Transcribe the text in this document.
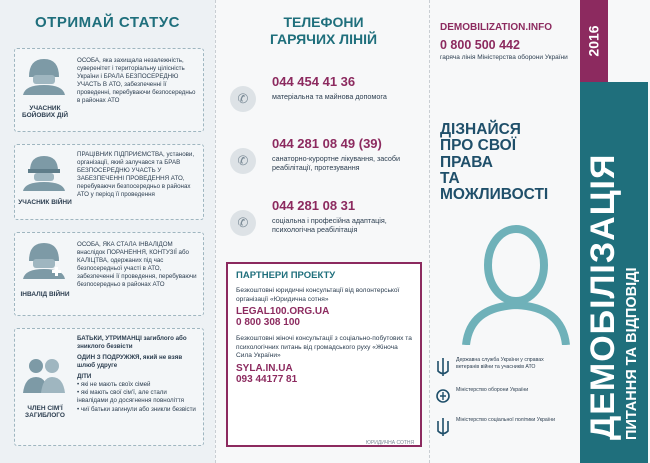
ОТРИМАЙ СТАТУС
УЧАСНИК БОЙОВИХ ДІЙ
ОСОБА, яка захищала незалежність, суверенітет і територіальну цілісність України і БРАЛА БЕЗПОСЕРЕДНЮ УЧАСТЬ В АТО, забезпеченні її проведенні, перебуваючи безпосередньо в районах АТО
УЧАСНИК ВІЙНИ
ПРАЦІВНИК ПІДПРИЄМСТВА, установи, організації, який залучався та БРАВ БЕЗПОСЕРЕДНЮ УЧАСТЬ У ЗАБЕЗПЕЧЕННІ ПРОВЕДЕННЯ АТО, перебуваючи безпосередньо в районах АТО у період її проведення
ІНВАЛІД ВІЙНИ
ОСОБА, ЯКА СТАЛА ІНВАЛІДОМ внаслідок ПОРАНЕННЯ, КОНТУЗІЇ або КАЛІЦТВА, одержаних під час безпосередньої участі в АТО, забезпеченні її проведення, перебуваючи безпосередньо в районах АТО
ЧЛЕН СІМ'Ї ЗАГИБЛОГО
БАТЬКИ, УТРИМАНЦІ загиблого або зниклого безвісти
ОДИН З ПОДРУЖЖЯ, який не взяв шлюб удруге
ДІТИ
• які не мають своїх сімей
• які мають свої сім'ї, але стали інвалідами до досягнення повноліття
• чиї батьки загинули або зникли безвісти
ТЕЛЕФОНИ ГАРЯЧИХ ЛІНІЙ
✆
044 454 41 36
матеріальна та майнова допомога
✆
044 281 08 49 (39)
санаторно-курортне лікування, засоби реабілітації, протезування
✆
044 281 08 31
соціальна і професійна адаптація, психологічна реабілітація
ПАРТНЕРИ ПРОЕКТУ
Безкоштовні юридичні консультації від волонтерської організації «Юридична сотня»
LEGAL100.ORG.UA
0 800 308 100
Безкоштовні жіночі консультації з соціально-побутових та психологічних питань від громадського руху «Жіноча Сила України»
SYLA.IN.UA
093 44177 81
DEMOBILIZATION.INFO
0 800 500 442
гаряча лінія Міністерства оборони України
ДІЗНАЙСЯ
ПРО СВОЇ
ПРАВА
ТА
МОЖЛИВОСТІ
Державна служба України у справах ветеранів війни та учасників АТО
Міністерство оборони України
Міністерство соціальної політики України
2016
ДЕМОБІЛІЗАЦІЯ ПИТАННЯ ТА ВІДПОВІДІ
ЮРИДИЧНА СОТНЯ
